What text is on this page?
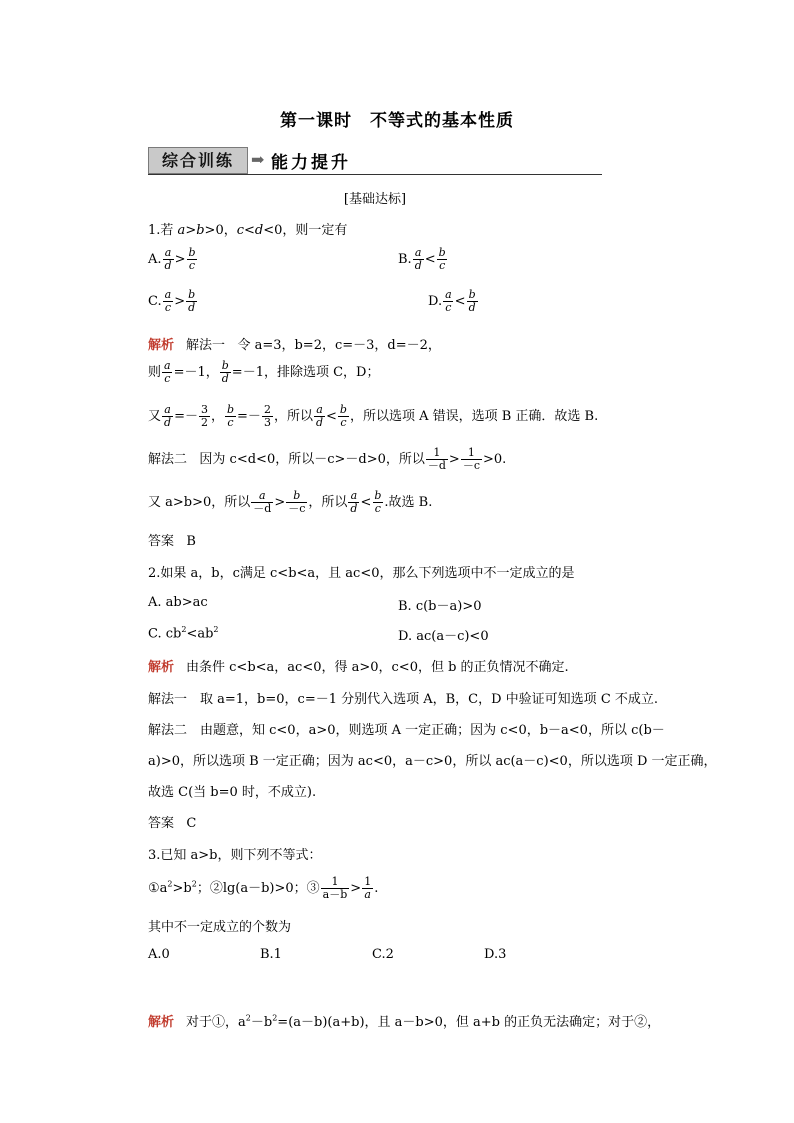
第一课时 不等式的基本性质
综合训练	➡ 能力提升
[基础达标]
1.若 a>b>0，c<d<0，则一定有
A. $\frac{a}{d} > \frac{b}{c}$	B. $\frac{a}{d} < \frac{b}{c}$
C. $\frac{a}{c} > \frac{b}{d}$	D. $\frac{a}{c} < \frac{b}{d}$
解析 解法一 令 a=3，b=2，c=－3，d=－2，
则 $\frac{a}{c} =-1$， $\frac{b}{d} =-1$，排除选项 C，D；
又 $\frac{a}{d} =- \frac{3}{2}$ ， $\frac{b}{c} =- \frac{2}{3}$ ，所以 $\frac{a}{d} < \frac{b}{c}$ ，所以选项 A 错误，选项 B 正确．故选 B.
解法二 因为 c<d<0，所以－c>－d>0，所以 $\frac{1}{-d} > \frac{1}{-c} >0$.
又 a>b>0，所以 $\frac{a}{-d} > \frac{b}{-c}$ ，所以 $\frac{a}{d} < \frac{b}{c}$ .故选 B.
答案 B
2.如果 a，b，c满足 c<b<a，且 ac<0，那么下列选项中不一定成立的是
A. ab>ac	B. c(b－a)>0
C. $cb^2<ab^2$	D. ac(a－c)<0
解析 由条件 c<b<a，ac<0，得 a>0，c<0，但 b 的正负情况不确定.
解法一　取 a=1，b=0，c=－1 分别代入选项 A，B，C，D 中验证可知选项 C 不成立.
解法二　由题意，知 c<0，a>0，则选项 A 一定正确；因为 c<0，b－a<0，所以 c(b－
a)>0，所以选项 B 一定正确；因为 ac<0，a－c>0，所以 ac(a－c)<0，所以选项 D 一定正确，
故选 C(当 b=0 时，不成立).
答案 C
3.已知 a>b，则下列不等式：
$①a^2>b^2$；②lg(a－b)>0；③ $\frac{1}{a-b} > \frac{1}{a}$ .
其中不一定成立的个数为
A.0	B.1	C.2	D.3
解析 对于①，$a^2-b^2=(a-b)(a+b)$，且 a－b>0，但 a+b 的正负无法确定；对于②，
